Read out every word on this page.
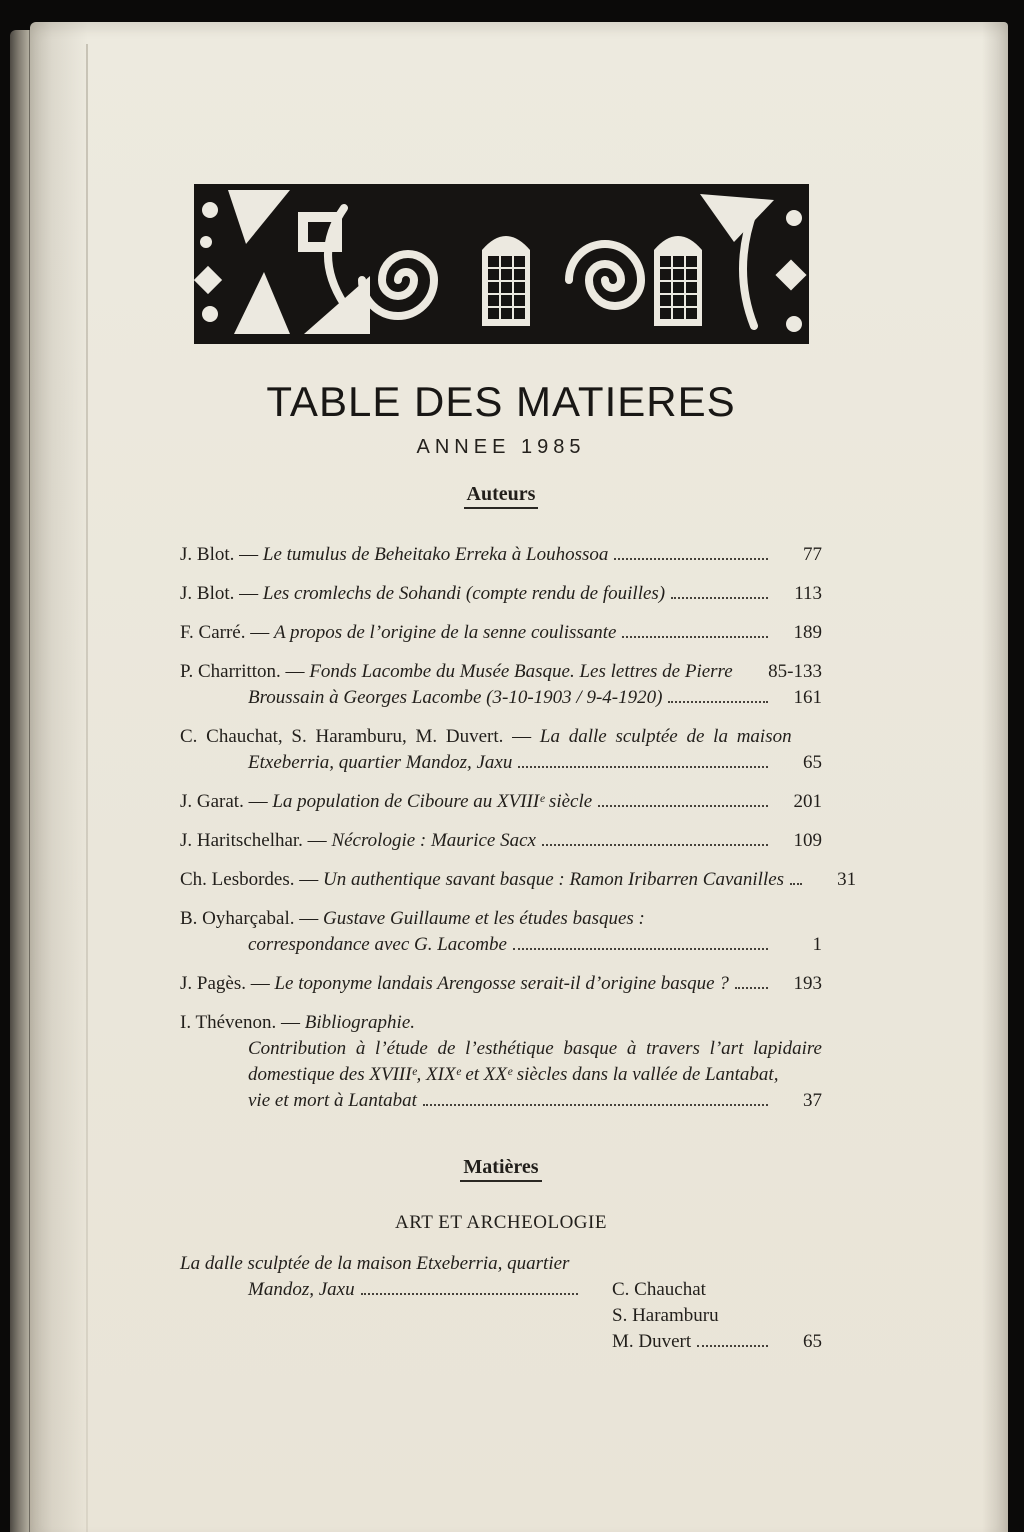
TABLE DES MATIERES
ANNEE 1985
Auteurs
J. Blot. — Le tumulus de Beheitako Erreka à Louhossoa	77
J. Blot. — Les cromlechs de Sohandi (compte rendu de fouilles)	113
F. Carré. — A propos de l’origine de la senne coulissante	189
P. Charritton. — Fonds Lacombe du Musée Basque. Les lettres de Pierre 85-133
Broussain à Georges Lacombe (3-10-1903 / 9-4-1920)	161
C. Chauchat, S. Haramburu, M. Duvert. — La dalle sculptée de la maison
Etxeberria, quartier Mandoz, Jaxu	65
J. Garat. — La population de Ciboure au XVIIIᵉ siècle	201
J. Haritschelhar. — Nécrologie : Maurice Sacx	109
Ch. Lesbordes. — Un authentique savant basque : Ramon Iribarren Cavanilles	31
B. Oyharçabal. — Gustave Guillaume et les études basques :
correspondance avec G. Lacombe	1
J. Pagès. — Le toponyme landais Arengosse serait-il d’origine basque ?	193
I. Thévenon. — Bibliographie.
Contribution à l’étude de l’esthétique basque à travers l’art lapidaire domestique des XVIIIᵉ, XIXᵉ et XXᵉ siècles dans la vallée de Lantabat,
vie et mort à Lantabat	37
Matières
ART ET ARCHEOLOGIE
La dalle sculptée de la maison Etxeberria, quartier
Mandoz, Jaxu	C. Chauchat
S. Haramburu
M. Duvert	65
